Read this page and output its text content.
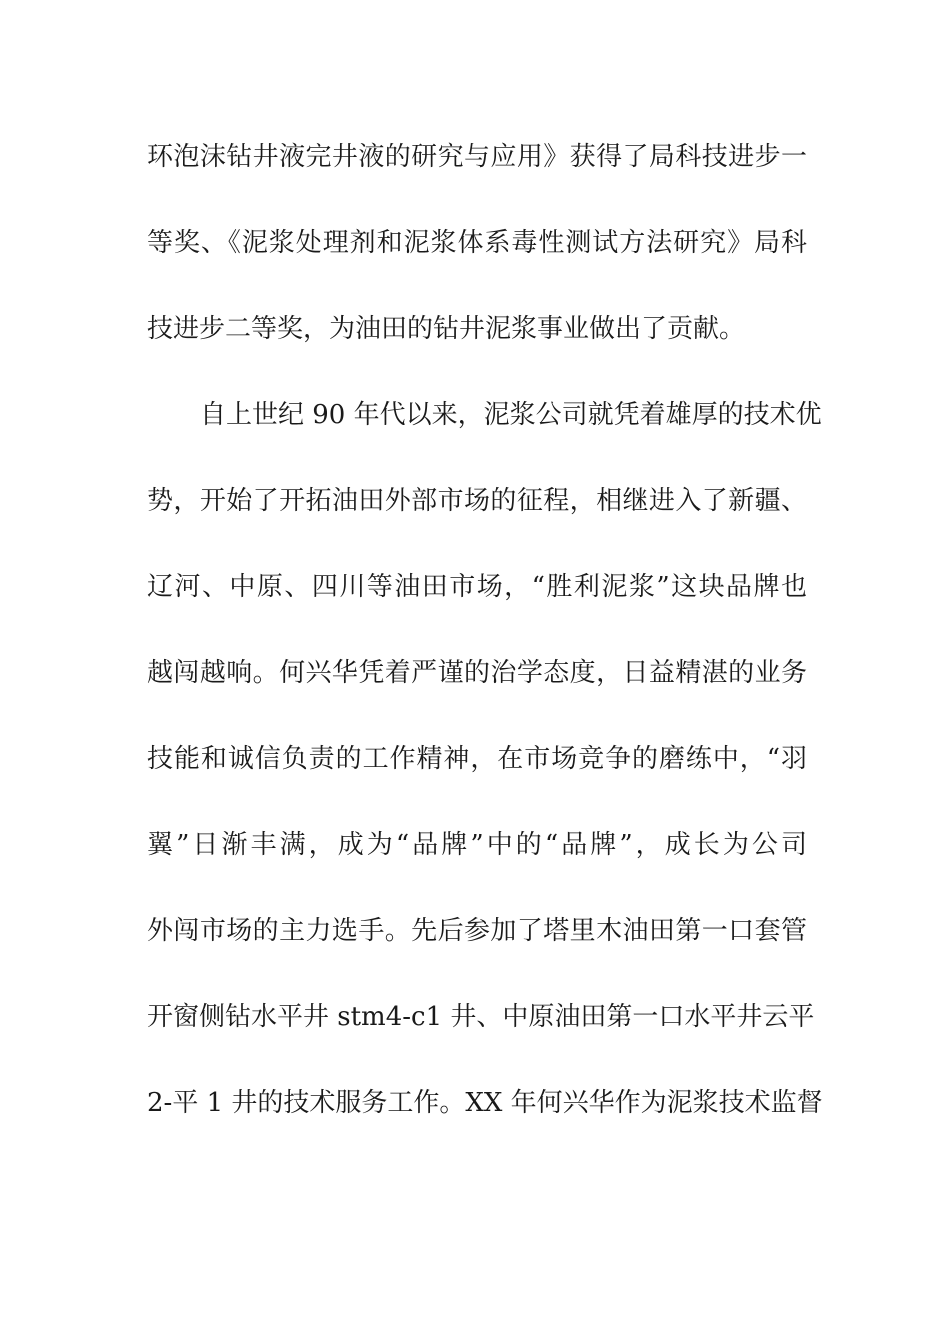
环泡沫钻井液完井液的研究与应用》获得了局科技进步一
等奖、《泥浆处理剂和泥浆体系毒性测试方法研究》局科
技进步二等奖，为油田的钻井泥浆事业做出了贡献。
自上世纪 90 年代以来，泥浆公司就凭着雄厚的技术优
势，开始了开拓油田外部市场的征程，相继进入了新疆、
辽河、中原、四川等油田市场，“胜利泥浆”这块品牌也
越闯越响。何兴华凭着严谨的治学态度，日益精湛的业务
技能和诚信负责的工作精神，在市场竞争的磨练中，“羽
翼”日渐丰满，成为“品牌”中的“品牌”，成长为公司
外闯市场的主力选手。先后参加了塔里木油田第一口套管
开窗侧钻水平井 stm4-c1 井、中原油田第一口水平井云平
2-平 1 井的技术服务工作。XX 年何兴华作为泥浆技术监督
